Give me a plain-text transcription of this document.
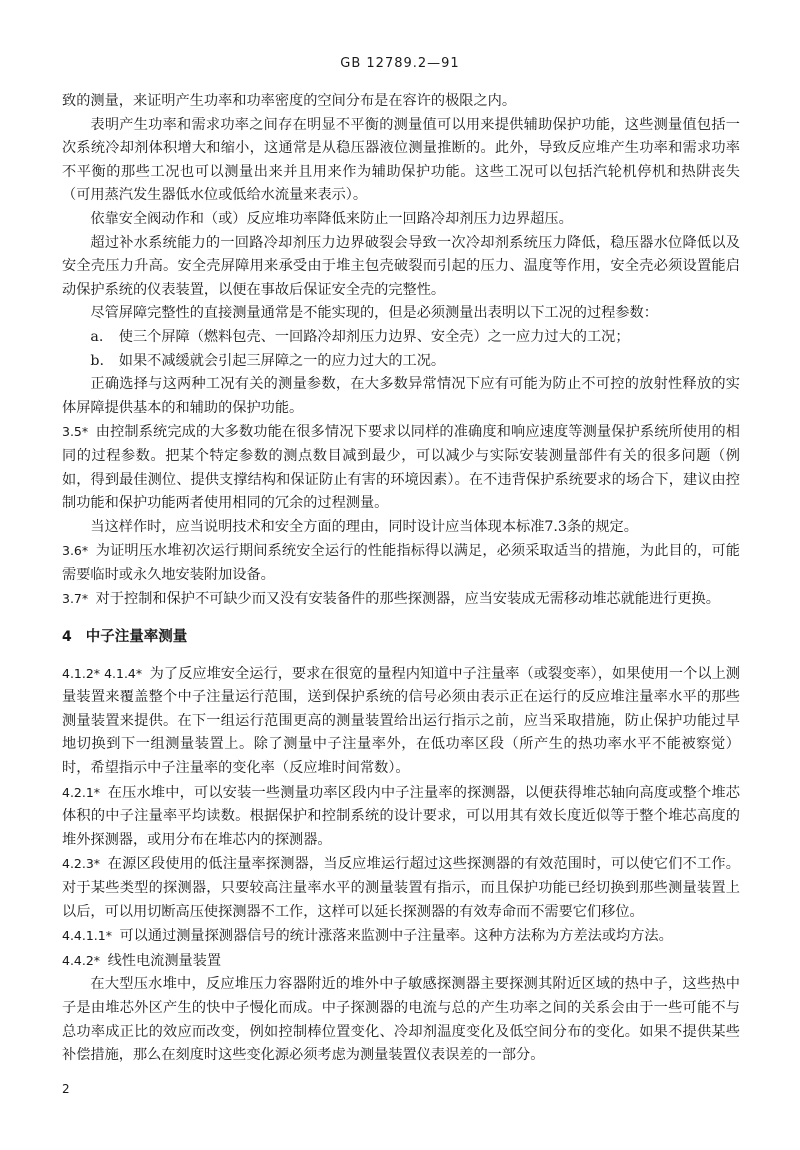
GB 12789.2—91

致的测量，来证明产生功率和功率密度的空间分布是在容许的极限之内。

表明产生功率和需求功率之间存在明显不平衡的测量值可以用来提供辅助保护功能，这些测量值包括一次系统冷却剂体积增大和缩小，这通常是从稳压器液位测量推断的。此外，导致反应堆产生功率和需求功率不平衡的那些工况也可以测量出来并且用来作为辅助保护功能。这些工况可以包括汽轮机停机和热阱丧失（可用蒸汽发生器低水位或低给水流量来表示）。

依靠安全阀动作和（或）反应堆功率降低来防止一回路冷却剂压力边界超压。

超过补水系统能力的一回路冷却剂压力边界破裂会导致一次冷却剂系统压力降低，稳压器水位降低以及安全壳压力升高。安全壳屏障用来承受由于堆主包壳破裂而引起的压力、温度等作用，安全壳必须设置能启动保护系统的仪表装置，以便在事故后保证安全壳的完整性。

尽管屏障完整性的直接测量通常是不能实现的，但是必须测量出表明以下工况的过程参数：

a. 使三个屏障（燃料包壳、一回路冷却剂压力边界、安全壳）之一应力过大的工况；

b. 如果不减缓就会引起三屏障之一的应力过大的工况。

正确选择与这两种工况有关的测量参数，在大多数异常情况下应有可能为防止不可控的放射性释放的实体屏障提供基本的和辅助的保护功能。

3.5* 由控制系统完成的大多数功能在很多情况下要求以同样的准确度和响应速度等测量保护系统所使用的相同的过程参数。把某个特定参数的测点数目减到最少，可以减少与实际安装测量部件有关的很多问题（例如，得到最佳测位、提供支撑结构和保证防止有害的环境因素）。在不违背保护系统要求的场合下，建议由控制功能和保护功能两者使用相同的冗余的过程测量。

当这样作时，应当说明技术和安全方面的理由，同时设计应当体现本标准7.3条的规定。

3.6* 为证明压水堆初次运行期间系统安全运行的性能指标得以满足，必须采取适当的措施，为此目的，可能需要临时或永久地安装附加设备。

3.7* 对于控制和保护不可缺少而又没有安装备件的那些探测器，应当安装成无需移动堆芯就能进行更换。

4 中子注量率测量

4.1.2* 4.1.4* 为了反应堆安全运行，要求在很宽的量程内知道中子注量率（或裂变率），如果使用一个以上测量装置来覆盖整个中子注量运行范围，送到保护系统的信号必须由表示正在运行的反应堆注量率水平的那些测量装置来提供。在下一组运行范围更高的测量装置给出运行指示之前，应当采取措施，防止保护功能过早地切换到下一组测量装置上。除了测量中子注量率外，在低功率区段（所产生的热功率水平不能被察觉）时，希望指示中子注量率的变化率（反应堆时间常数）。

4.2.1* 在压水堆中，可以安装一些测量功率区段内中子注量率的探测器，以便获得堆芯轴向高度或整个堆芯体积的中子注量率平均读数。根据保护和控制系统的设计要求，可以用其有效长度近似等于整个堆芯高度的堆外探测器，或用分布在堆芯内的探测器。

4.2.3* 在源区段使用的低注量率探测器，当反应堆运行超过这些探测器的有效范围时，可以使它们不工作。对于某些类型的探测器，只要较高注量率水平的测量装置有指示，而且保护功能已经切换到那些测量装置上以后，可以用切断高压使探测器不工作，这样可以延长探测器的有效寿命而不需要它们移位。

4.4.1.1* 可以通过测量探测器信号的统计涨落来监测中子注量率。这种方法称为方差法或均方法。

4.4.2* 线性电流测量装置

在大型压水堆中，反应堆压力容器附近的堆外中子敏感探测器主要探测其附近区域的热中子，这些热中子是由堆芯外区产生的快中子慢化而成。中子探测器的电流与总的产生功率之间的关系会由于一些可能不与总功率成正比的效应而改变，例如控制棒位置变化、冷却剂温度变化及低空间分布的变化。如果不提供某些补偿措施，那么在刻度时这些变化源必须考虑为测量装置仪表误差的一部分。

2
